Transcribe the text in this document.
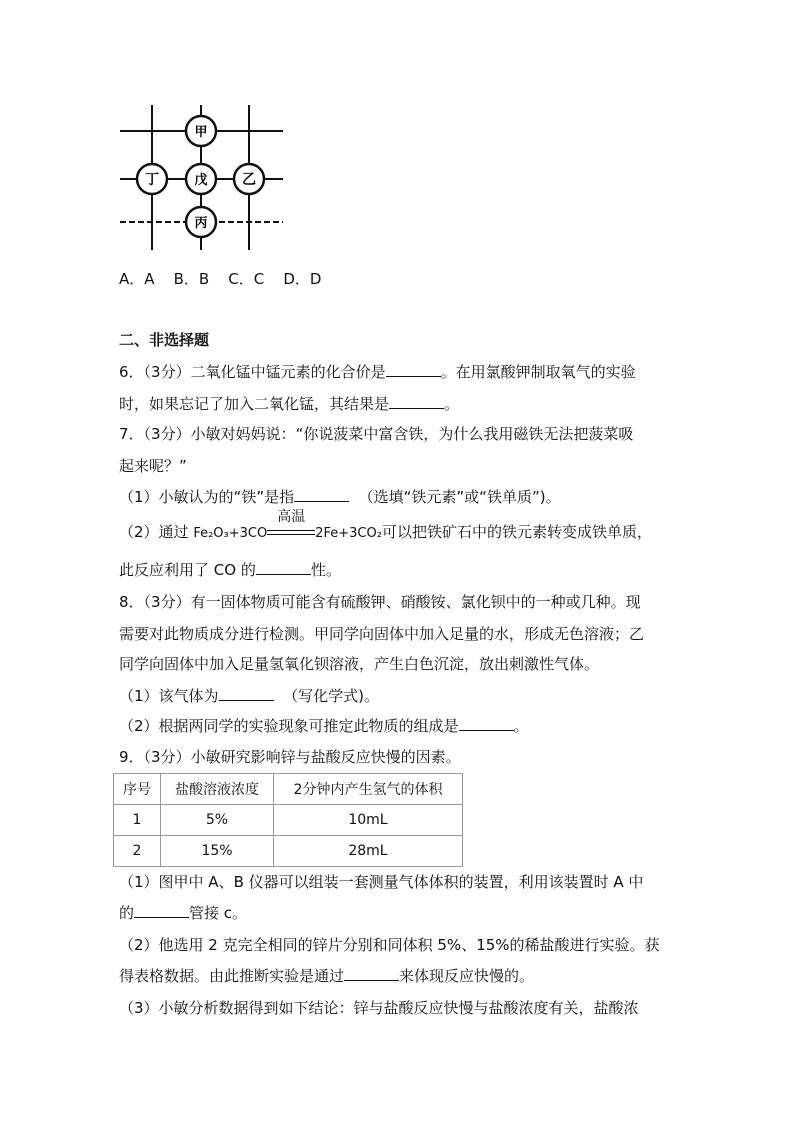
甲
丁	戊 乙
丙
A．A B．B C．C D．D
二、非选择题
6．（3分）二氧化锰中锰元素的化合价是	。在用氯酸钾制取氧气的实验
时，如果忘记了加入二氧化锰，其结果是	。
7．（3分）小敏对妈妈说：“你说菠菜中富含铁，为什么我用磁铁无法把菠菜吸
起来呢？”
（1）小敏认为的“铁”是指	（选填“铁元素”或“铁单质”)。
（2）通过 Fe₂O₃+3CO
高温
2Fe+3CO₂可以把铁矿石中的铁元素转变成铁单质，
此反应利用了 CO 的	性。
8．（3分）有一固体物质可能含有硫酸钾、硝酸铵、氯化钡中的一种或几种。现
需要对此物质成分进行检测。甲同学向固体中加入足量的水，形成无色溶液；乙
同学向固体中加入足量氢氧化钡溶液，产生白色沉淀，放出刺激性气体。
（1）该气体为	（写化学式)。
（2）根据两同学的实验现象可推定此物质的组成是	。
9．（3分）小敏研究影响锌与盐酸反应快慢的因素。
序号	盐酸溶液浓度	2分钟内产生氢气的体积
1	5%	10mL
2	15%	28mL
（1）图甲中 A、B 仪器可以组装一套测量气体体积的装置，利用该装置时 A 中
的	管接 c。
（2）他选用 2 克完全相同的锌片分别和同体积 5%、15%的稀盐酸进行实验。获
得表格数据。由此推断实验是通过	来体现反应快慢的。
（3）小敏分析数据得到如下结论：锌与盐酸反应快慢与盐酸浓度有关，盐酸浓
